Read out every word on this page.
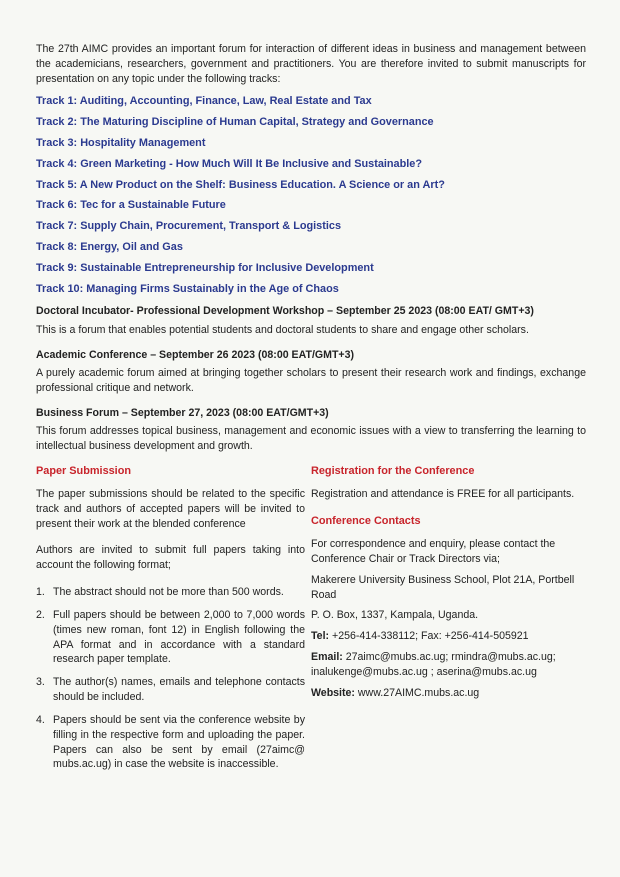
The 27th AIMC provides an important forum for interaction of different ideas in business and management between the academicians, researchers, government and practitioners. You are therefore invited to submit manuscripts for presentation on any topic under the following tracks:

Track 1: Auditing, Accounting, Finance, Law, Real Estate and Tax
Track 2: The Maturing Discipline of Human Capital, Strategy and Governance
Track 3: Hospitality Management
Track 4: Green Marketing - How Much Will It Be Inclusive and Sustainable?
Track 5: A New Product on the Shelf: Business Education. A Science or an Art?
Track 6: Tec for a Sustainable Future
Track 7: Supply Chain, Procurement, Transport & Logistics
Track 8: Energy, Oil and Gas
Track 9: Sustainable Entrepreneurship for Inclusive Development
Track 10: Managing Firms Sustainably in the Age of Chaos

Doctoral Incubator- Professional Development Workshop – September 25 2023 (08:00 EAT/ GMT+3)

This is a forum that enables potential students and doctoral students to share and engage other scholars.

Academic Conference – September 26 2023 (08:00 EAT/GMT+3)

A purely academic forum aimed at bringing together scholars to present their research work and findings, exchange professional critique and network.

Business Forum – September 27, 2023 (08:00 EAT/GMT+3)

This forum addresses topical business, management and economic issues with a view to transferring the learning to intellectual business development and growth.

Paper Submission

The paper submissions should be related to the specific track and authors of accepted papers will be invited to present their work at the blended conference

Authors are invited to submit full papers taking into account the following format;

1. The abstract should not be more than 500 words.
2. Full papers should be between 2,000 to 7,000 words (times new roman, font 12) in English following the APA format and in accordance with a standard research paper template.
3. The author(s) names, emails and telephone contacts should be included.
4. Papers should be sent via the conference website by filling in the respective form and uploading the paper. Papers can also be sent by email (27aimc@ mubs.ac.ug) in case the website is inaccessible.

Registration for the Conference

Registration and attendance is FREE for all participants.

Conference Contacts

For correspondence and enquiry, please contact the Conference Chair or Track Directors via;

Makerere University Business School, Plot 21A, Portbell Road

P. O. Box, 1337, Kampala, Uganda.

Tel: +256-414-338112; Fax: +256-414-505921

Email: 27aimc@mubs.ac.ug; rmindra@mubs.ac.ug; inalukenge@mubs.ac.ug ; aserina@mubs.ac.ug

Website: www.27AIMC.mubs.ac.ug
